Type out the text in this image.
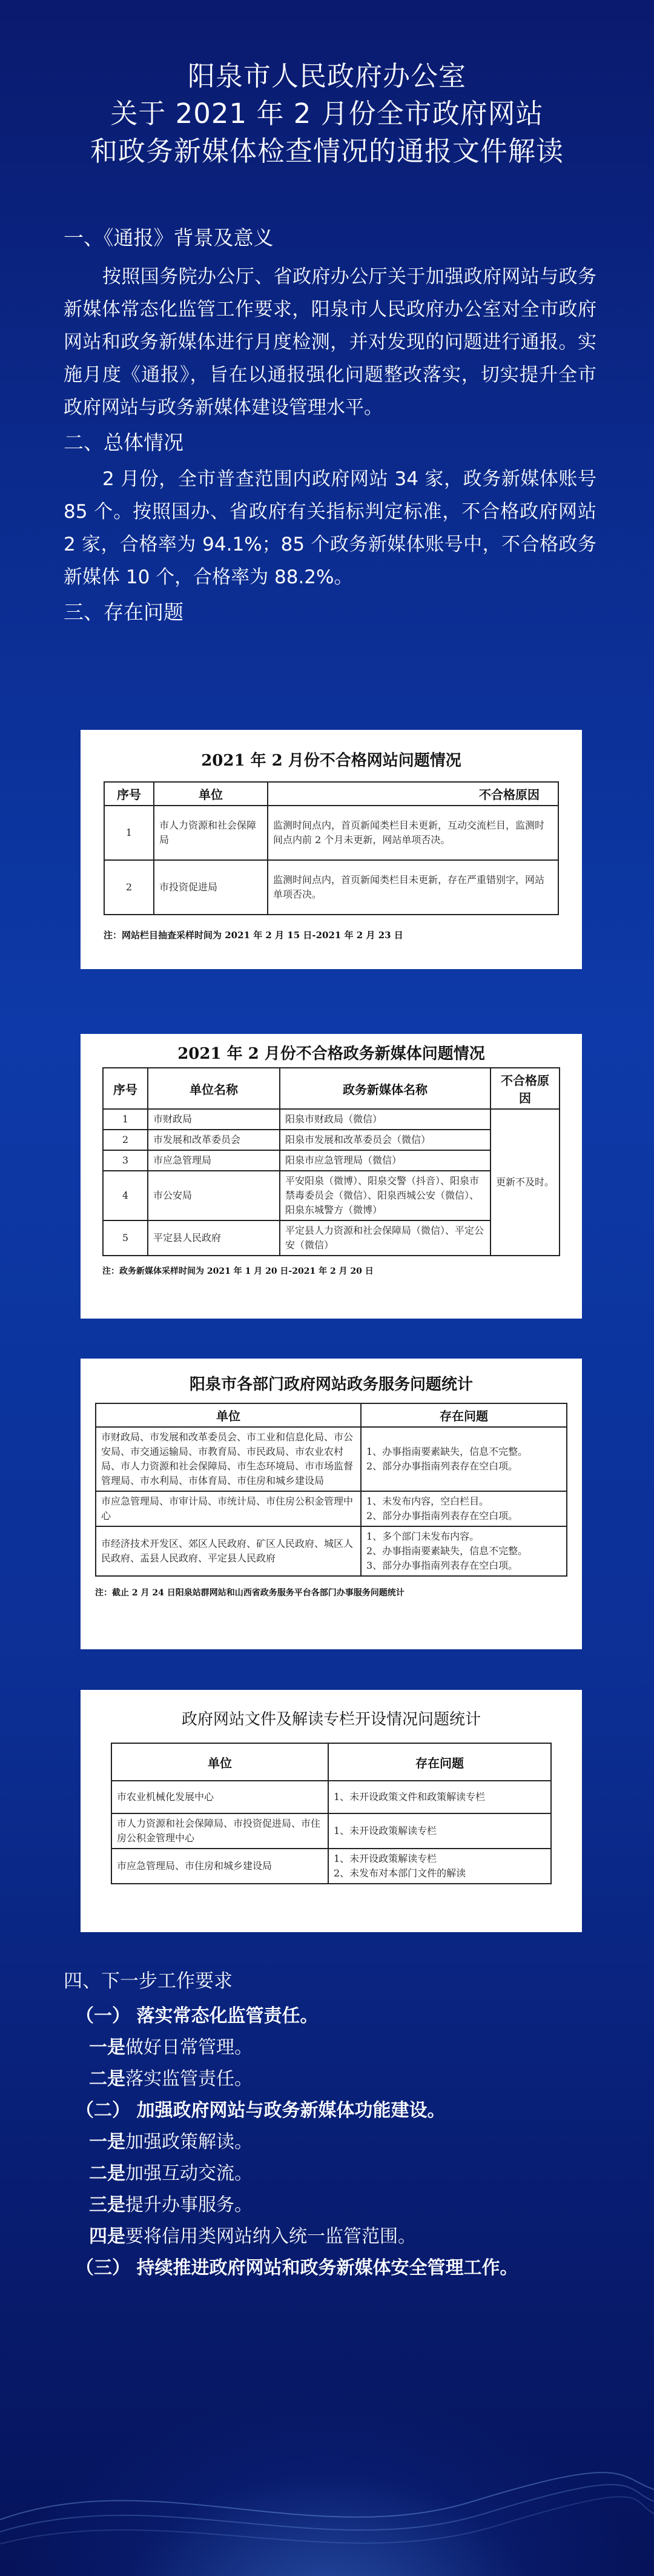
阳泉市人民政府办公室
关于 2021 年 2 月份全市政府网站
和政务新媒体检查情况的通报文件解读
一、《通报》背景及意义
按照国务院办公厅、省政府办公厅关于加强政府网站与政务新媒体常态化监管工作要求，阳泉市人民政府办公室对全市政府网站和政务新媒体进行月度检测，并对发现的问题进行通报。实施月度《通报》，旨在以通报强化问题整改落实，切实提升全市政府网站与政务新媒体建设管理水平。
二、总体情况
2 月份，全市普查范围内政府网站 34 家，政务新媒体账号 85 个。按照国办、省政府有关指标判定标准，不合格政府网站 2 家，合格率为 94.1%；85 个政务新媒体账号中，不合格政务新媒体 10 个，合格率为 88.2%。
三、存在问题
2021 年 2 月份不合格网站问题情况
序号	单位	不合格原因
1	市人力资源和社会保障局	监测时间点内，首页新闻类栏目未更新，互动交流栏目，监测时间点内前 2 个月未更新，网站单项否决。
2	市投资促进局	监测时间点内，首页新闻类栏目未更新，存在严重错别字，网站单项否决。
注：网站栏目抽查采样时间为 2021 年 2 月 15 日-2021 年 2 月 23 日
2021 年 2 月份不合格政务新媒体问题情况
序号	单位名称	政务新媒体名称	不合格原因
1	市财政局	阳泉市财政局（微信）	更新不及时。
2	市发展和改革委员会	阳泉市发展和改革委员会（微信）	
3	市应急管理局	阳泉市应急管理局（微信）	
4	市公安局	平安阳泉（微博）、阳泉交警（抖音）、阳泉市禁毒委员会（微信）、阳泉西城公安（微信）、阳泉东城警方（微博）	
5	平定县人民政府	平定县人力资源和社会保障局（微信）、平定公安（微信）	
注：政务新媒体采样时间为 2021 年 1 月 20 日-2021 年 2 月 20 日
阳泉市各部门政府网站政务服务问题统计
单位	存在问题
市财政局、市发展和改革委员会、市工业和信息化局、市公安局、市交通运输局、市教育局、市民政局、市农业农村局、市人力资源和社会保障局、市生态环境局、市市场监督管理局、市水利局、市体育局、市住房和城乡建设局	1、办事指南要素缺失，信息不完整。
2、部分办事指南列表存在空白项。
市应急管理局、市审计局、市统计局、市住房公积金管理中心	1、未发布内容，空白栏目。
2、部分办事指南列表存在空白项。
市经济技术开发区、郊区人民政府、矿区人民政府、城区人民政府、盂县人民政府、平定县人民政府	1、多个部门未发布内容。
2、办事指南要素缺失，信息不完整。
3、部分办事指南列表存在空白项。
注：截止 2 月 24 日阳泉站群网站和山西省政务服务平台各部门办事服务问题统计
政府网站文件及解读专栏开设情况问题统计
单位	存在问题
市农业机械化发展中心	1、未开设政策文件和政策解读专栏
市人力资源和社会保障局、市投资促进局、市住房公积金管理中心	1、未开设政策解读专栏
市应急管理局、市住房和城乡建设局	1、未开设政策解读专栏
2、未发布对本部门文件的解读
四、下一步工作要求
（一） 落实常态化监管责任。
一是做好日常管理。
二是落实监管责任。
（二） 加强政府网站与政务新媒体功能建设。
一是加强政策解读。
二是加强互动交流。
三是提升办事服务。
四是要将信用类网站纳入统一监管范围。
（三） 持续推进政府网站和政务新媒体安全管理工作。
